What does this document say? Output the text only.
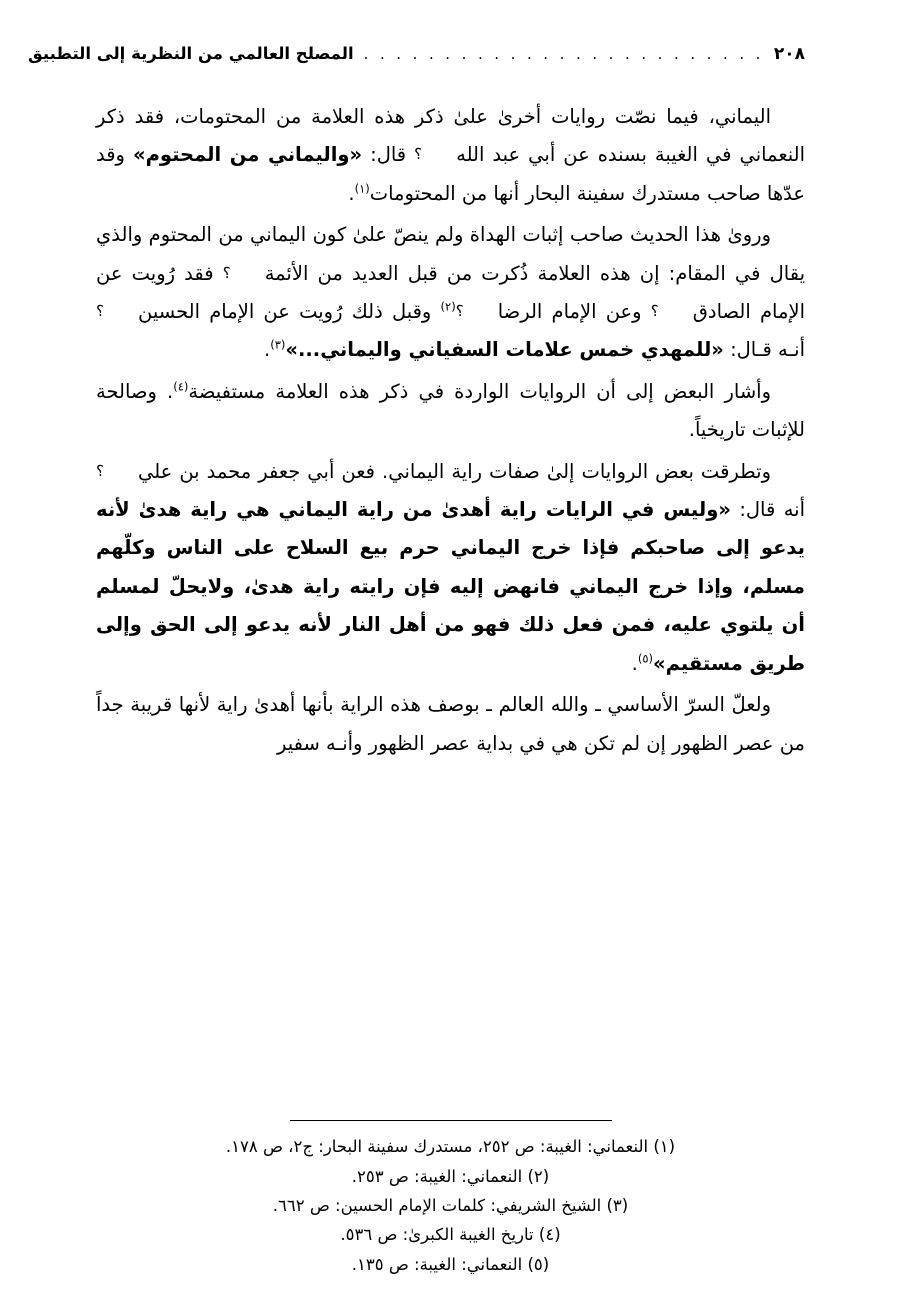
٢٠٨
. . . . . . . . . . . . . . . . . . . . . . . . .
المصلح العالمي من النظرية إلى التطبيق

اليماني، فيما نصّت روايات أخرىٰ علىٰ ذكر هذه العلامة من المحتومات، فقد ذكر النعماني في الغيبة بسنده عن أبي عبد الله؟ قال: «واليماني من المحتوم» وقد عدّها صاحب مستدرك سفينة البحار أنها من المحتومات$^{(١)}$.

وروىٰ هذا الحديث صاحب إثبات الهداة ولم ينصّ علىٰ كون اليماني من المحتوم والذي يقال في المقام: إن هذه العلامة ذُكرت من قبل العديد من الأئمة؟ فقد رُويت عن الإمام الصادق؟ وعن الإمام الرضا؟$^{(٢)}$ وقبل ذلك رُويت عن الإمام الحسين؟ أنـه قـال: «للمهدي خمس علامات السفياني واليماني...»$^{(٣)}$.

وأشار البعض إلى أن الروايات الواردة في ذكر هذه العلامة مستفيضة$^{(٤)}$. وصالحة للإثبات تاريخياً.

وتطرقت بعض الروايات إلىٰ صفات راية اليماني. فعن أبي جعفر محمد بن علي؟ أنه قال: «وليس في الرايات راية أهدىٰ من راية اليماني هي راية هدىٰ لأنه يدعو إلى صاحبكم فإذا خرج اليماني حرم بيع السلاح على الناس وكلّهم مسلم، وإذا خرج اليماني فانهض إليه فإن رايته راية هدىٰ، ولايحلّ لمسلم أن يلتوي عليه، فمن فعل ذلك فهو من أهل النار لأنه يدعو إلى الحق وإلى طريق مستقيم»$^{(٥)}$.

ولعلّ السرّ الأساسي ـ والله العالم ـ بوصف هذه الراية بأنها أهدىٰ راية لأنها قريبة جداً من عصر الظهور إن لم تكن هي في بداية عصر الظهور وأنـه سفير

(١) النعماني: الغيبة: ص ٢٥٢، مستدرك سفينة البحار: ج٢، ص ١٧٨.
(٢) النعماني: الغيبة: ص ٢٥٣.
(٣) الشيخ الشريفي: كلمات الإمام الحسين: ص ٦٦٢.
(٤) تاريخ الغيبة الكبرىٰ: ص ٥٣٦.
(٥) النعماني: الغيبة: ص ١٣٥.
